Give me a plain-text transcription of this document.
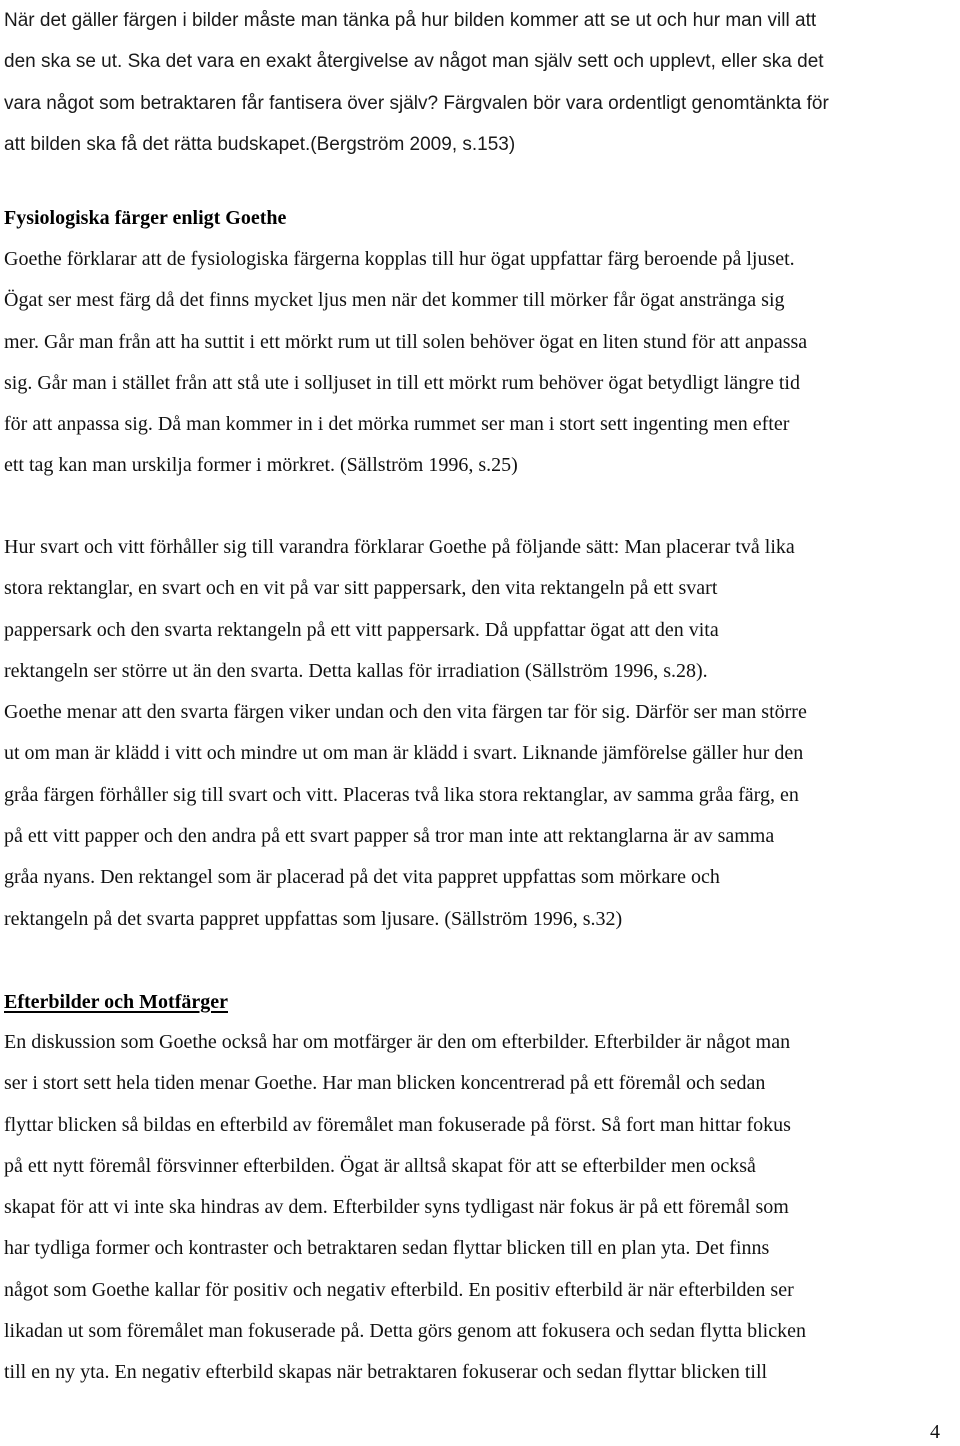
När det gäller färgen i bilder måste man tänka på hur bilden kommer att se ut och hur man vill att
den ska se ut. Ska det vara en exakt återgivelse av något man själv sett och upplevt, eller ska det
vara något som betraktaren får fantisera över själv? Färgvalen bör vara ordentligt genomtänkta för
att bilden ska få det rätta budskapet.(Bergström 2009, s.153)
Fysiologiska färger enligt Goethe
Goethe förklarar att de fysiologiska färgerna kopplas till hur ögat uppfattar färg beroende på ljuset.
Ögat ser mest färg då det finns mycket ljus men när det kommer till mörker får ögat anstränga sig
mer. Går man från att ha suttit i ett mörkt rum ut till solen behöver ögat en liten stund för att anpassa
sig. Går man i stället från att stå ute i solljuset in till ett mörkt rum behöver ögat betydligt längre tid
för att anpassa sig. Då man kommer in i det mörka rummet ser man i stort sett ingenting men efter
ett tag kan man urskilja former i mörkret. (Sällström 1996, s.25)
Hur svart och vitt förhåller sig till varandra förklarar Goethe på följande sätt: Man placerar två lika
stora rektanglar, en svart och en vit på var sitt pappersark, den vita rektangeln på ett svart
pappersark och den svarta rektangeln på ett vitt pappersark. Då uppfattar ögat att den vita
rektangeln ser större ut än den svarta. Detta kallas för irradiation (Sällström 1996, s.28).
Goethe menar att den svarta färgen viker undan och den vita färgen tar för sig. Därför ser man större
ut om man är klädd i vitt och mindre ut om man är klädd i svart. Liknande jämförelse gäller hur den
gråa färgen förhåller sig till svart och vitt. Placeras två lika stora rektanglar, av samma gråa färg, en
på ett vitt papper och den andra på ett svart papper så tror man inte att rektanglarna är av samma
gråa nyans. Den rektangel som är placerad på det vita pappret uppfattas som mörkare och
rektangeln på det svarta pappret uppfattas som ljusare. (Sällström 1996, s.32)
Efterbilder och Motfärger
En diskussion som Goethe också har om motfärger är den om efterbilder. Efterbilder är något man
ser i stort sett hela tiden menar Goethe. Har man blicken koncentrerad på ett föremål och sedan
flyttar blicken så bildas en efterbild av föremålet man fokuserade på först. Så fort man hittar fokus
på ett nytt föremål försvinner efterbilden. Ögat är alltså skapat för att se efterbilder men också
skapat för att vi inte ska hindras av dem. Efterbilder syns tydligast när fokus är på ett föremål som
har tydliga former och kontraster och betraktaren sedan flyttar blicken till en plan yta. Det finns
något som Goethe kallar för positiv och negativ efterbild. En positiv efterbild är när efterbilden ser
likadan ut som föremålet man fokuserade på. Detta görs genom att fokusera och sedan flytta blicken
till en ny yta. En negativ efterbild skapas när betraktaren fokuserar och sedan flyttar blicken till
4
